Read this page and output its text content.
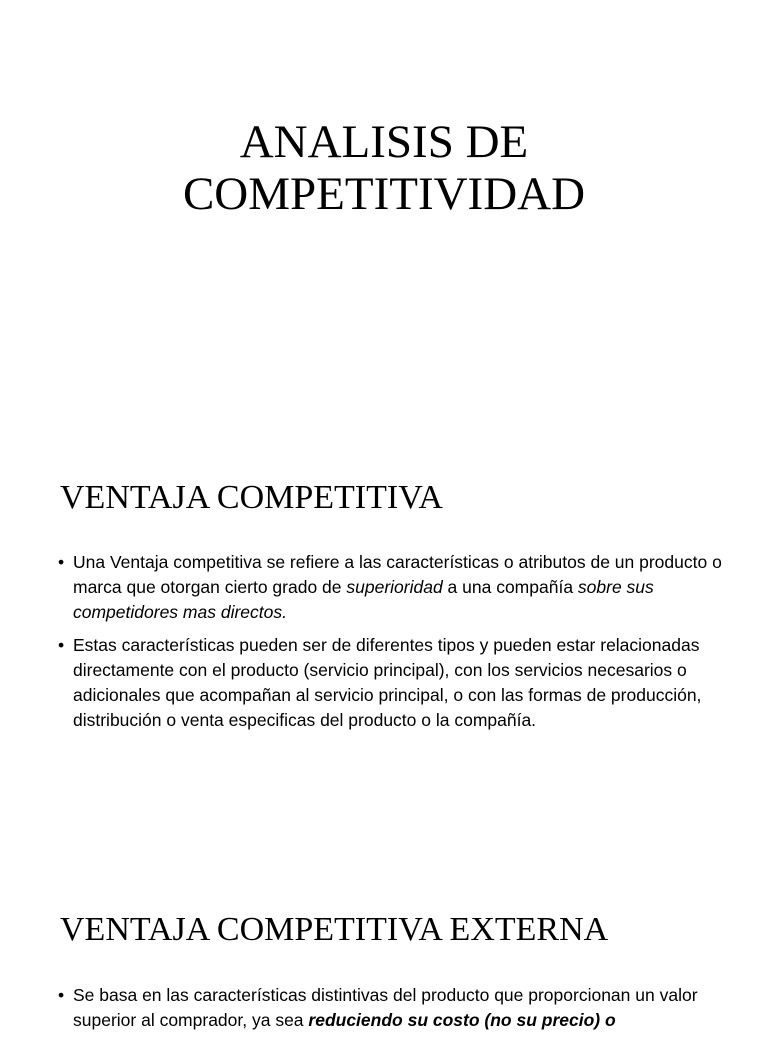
ANALISIS DE
COMPETITIVIDAD
VENTAJA COMPETITIVA
• Una Ventaja competitiva se refiere a las características o atributos de un producto o marca que otorgan cierto grado de superioridad a una compañía sobre sus competidores mas directos.
• Estas características pueden ser de diferentes tipos y pueden estar relacionadas directamente con el producto (servicio principal), con los servicios necesarios o adicionales que acompañan al servicio principal, o con las formas de producción, distribución o venta especificas del producto o la compañía.
VENTAJA COMPETITIVA EXTERNA
• Se basa en las características distintivas del producto que proporcionan un valor superior al comprador, ya sea reduciendo su costo (no su precio) o
